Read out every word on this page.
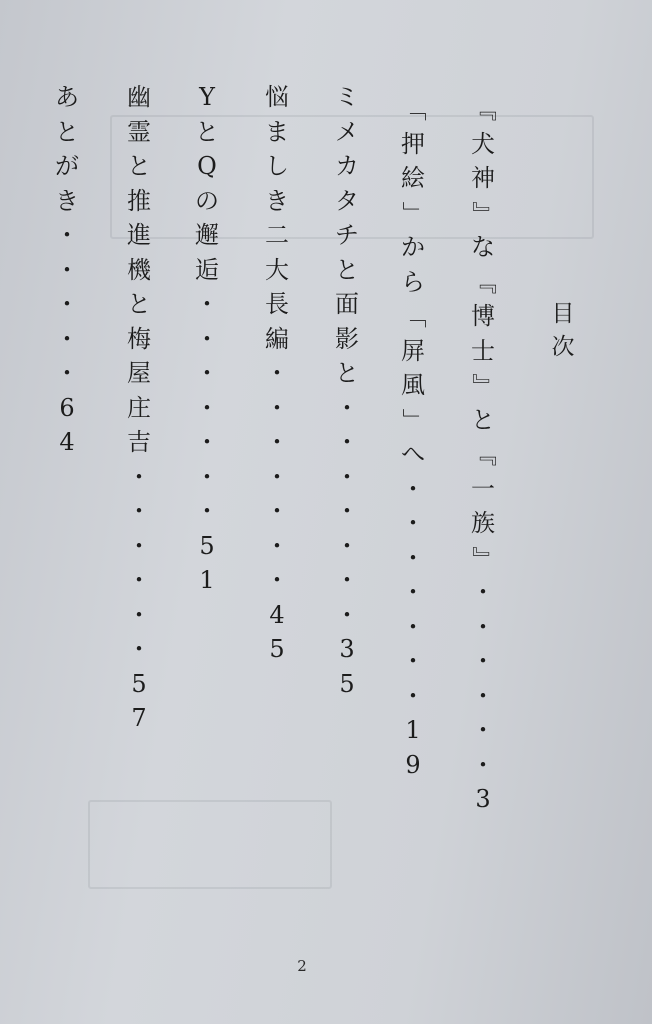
目
次
『
犬
神
』
な
『
博
士
』
と
『
一
族
』
・
・
・
・
・
・
3
「
押
絵
」
か
ら
「
屏
風
」
へ
・
・
・
・
・
・
・
1
9
ミ
メ
カ
タ
チ
と
面
影
と
・
・
・
・
・
・
・
3
5
悩
ま
し
き
二
大
長
編
・
・
・
・
・
・
・
4
5
Y
と
Q
の
邂
逅
・
・
・
・
・
・
・
5
1
幽
霊
と
推
進
機
と
梅
屋
庄
吉
・
・
・
・
・
・
5
7
あ
と
が
き
・
・
・
・
・
6
4
2
